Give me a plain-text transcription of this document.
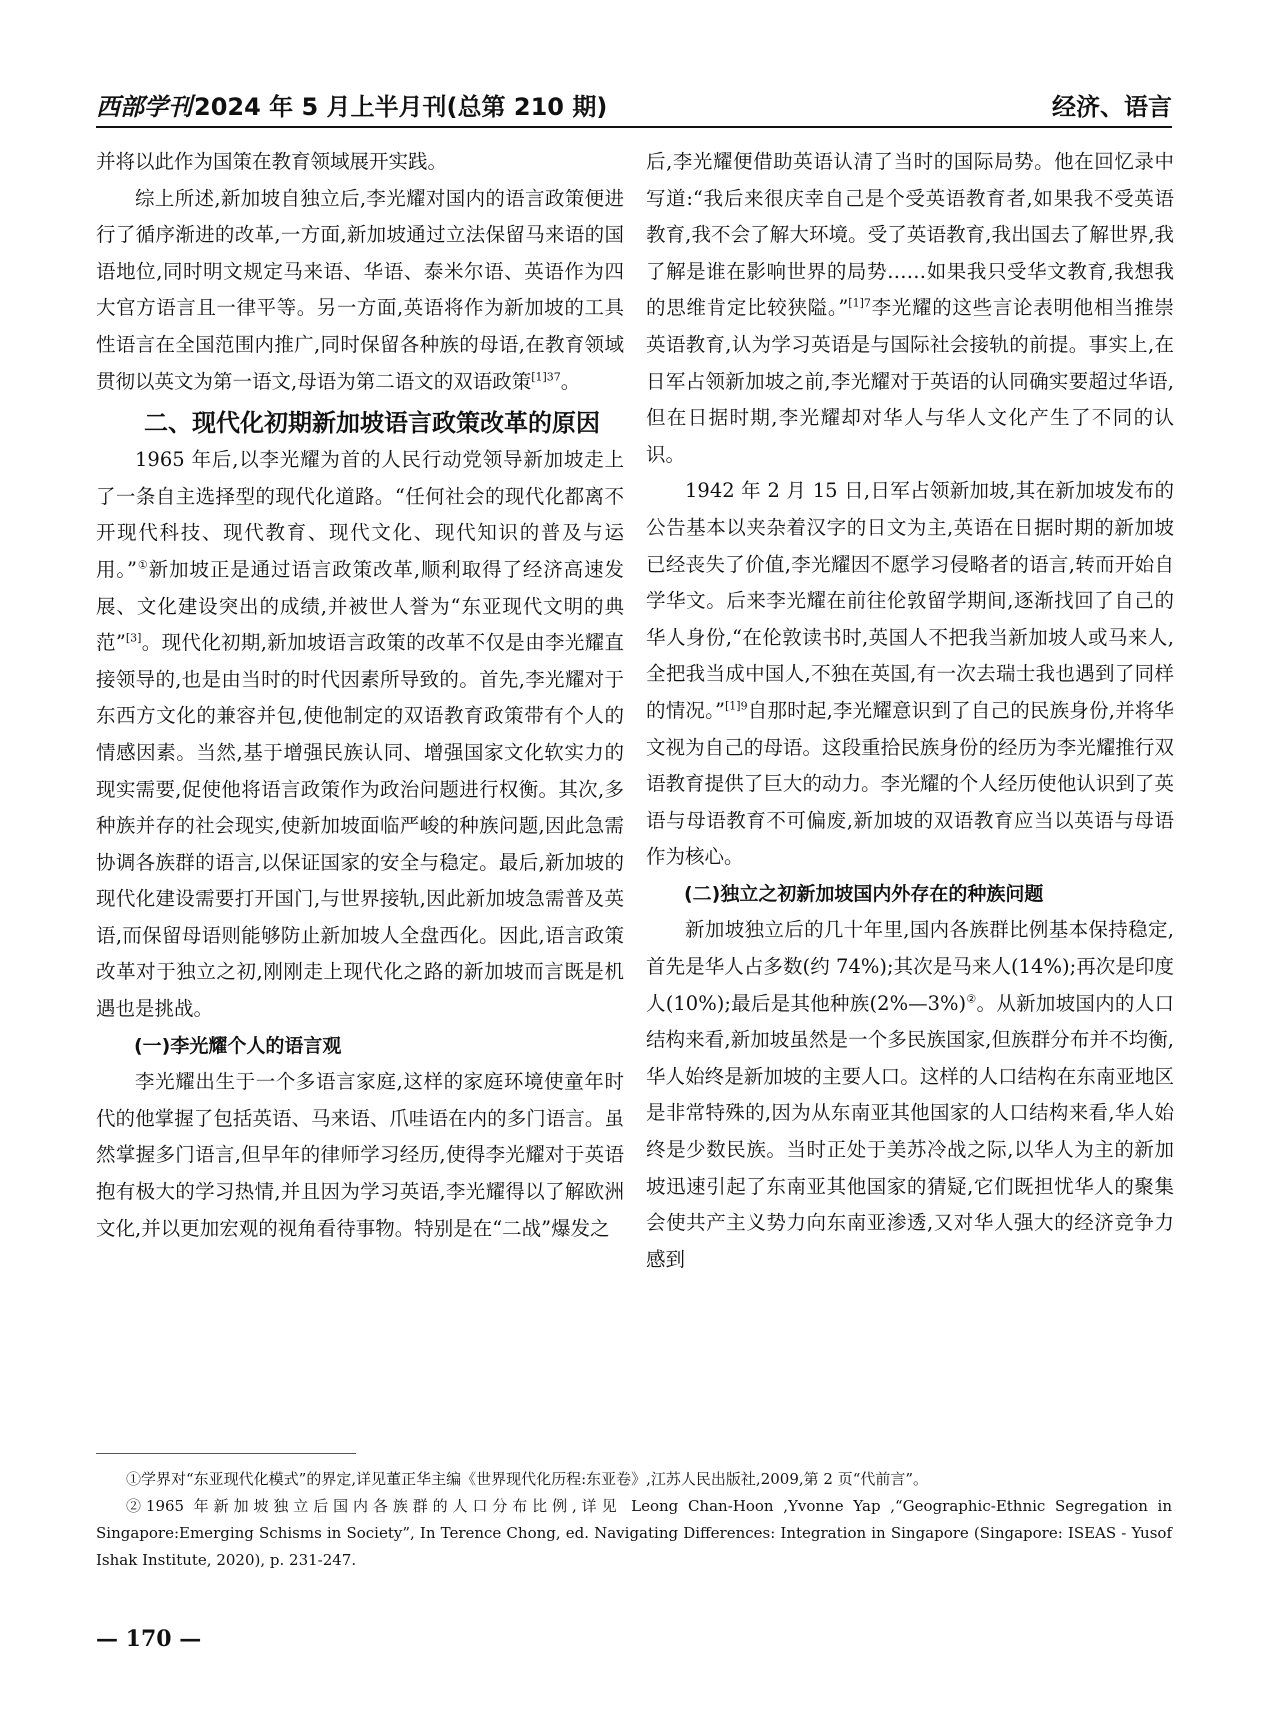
西部学刊2024 年 5 月上半月刊(总第 210 期)	经济、语言

并将以此作为国策在教育领域展开实践。

综上所述,新加坡自独立后,李光耀对国内的语言政策便进行了循序渐进的改革,一方面,新加坡通过立法保留马来语的国语地位,同时明文规定马来语、华语、泰米尔语、英语作为四大官方语言且一律平等。另一方面,英语将作为新加坡的工具性语言在全国范围内推广,同时保留各种族的母语,在教育领域贯彻以英文为第一语文,母语为第二语文的双语政策$^{[1]37}$。

二、现代化初期新加坡语言政策改革的原因

1965 年后,以李光耀为首的人民行动党领导新加坡走上了一条自主选择型的现代化道路。“任何社会的现代化都离不开现代科技、现代教育、现代文化、现代知识的普及与运用。”①新加坡正是通过语言政策改革,顺利取得了经济高速发展、文化建设突出的成绩,并被世人誉为“东亚现代文明的典范”[3]。现代化初期,新加坡语言政策的改革不仅是由李光耀直接领导的,也是由当时的时代因素所导致的。首先,李光耀对于东西方文化的兼容并包,使他制定的双语教育政策带有个人的情感因素。当然,基于增强民族认同、增强国家文化软实力的现实需要,促使他将语言政策作为政治问题进行权衡。其次,多种族并存的社会现实,使新加坡面临严峻的种族问题,因此急需协调各族群的语言,以保证国家的安全与稳定。最后,新加坡的现代化建设需要打开国门,与世界接轨,因此新加坡急需普及英语,而保留母语则能够防止新加坡人全盘西化。因此,语言政策改革对于独立之初,刚刚走上现代化之路的新加坡而言既是机遇也是挑战。

(一)李光耀个人的语言观

李光耀出生于一个多语言家庭,这样的家庭环境使童年时代的他掌握了包括英语、马来语、爪哇语在内的多门语言。虽然掌握多门语言,但早年的律师学习经历,使得李光耀对于英语抱有极大的学习热情,并且因为学习英语,李光耀得以了解欧洲文化,并以更加宏观的视角看待事物。特别是在“二战”爆发之

后,李光耀便借助英语认清了当时的国际局势。他在回忆录中写道:“我后来很庆幸自己是个受英语教育者,如果我不受英语教育,我不会了解大环境。受了英语教育,我出国去了解世界,我了解是谁在影响世界的局势……如果我只受华文教育,我想我的思维肯定比较狭隘。”$^{[1]7}$李光耀的这些言论表明他相当推崇英语教育,认为学习英语是与国际社会接轨的前提。事实上,在日军占领新加坡之前,李光耀对于英语的认同确实要超过华语,但在日据时期,李光耀却对华人与华人文化产生了不同的认识。

1942 年 2 月 15 日,日军占领新加坡,其在新加坡发布的公告基本以夹杂着汉字的日文为主,英语在日据时期的新加坡已经丧失了价值,李光耀因不愿学习侵略者的语言,转而开始自学华文。后来李光耀在前往伦敦留学期间,逐渐找回了自己的华人身份,“在伦敦读书时,英国人不把我当新加坡人或马来人,全把我当成中国人,不独在英国,有一次去瑞士我也遇到了同样的情况。”$^{[1]9}$自那时起,李光耀意识到了自己的民族身份,并将华文视为自己的母语。这段重拾民族身份的经历为李光耀推行双语教育提供了巨大的动力。李光耀的个人经历使他认识到了英语与母语教育不可偏废,新加坡的双语教育应当以英语与母语作为核心。

(二)独立之初新加坡国内外存在的种族问题

新加坡独立后的几十年里,国内各族群比例基本保持稳定,首先是华人占多数(约 74%);其次是马来人(14%);再次是印度人(10%);最后是其他种族(2%—3%)②。从新加坡国内的人口结构来看,新加坡虽然是一个多民族国家,但族群分布并不均衡,华人始终是新加坡的主要人口。这样的人口结构在东南亚地区是非常特殊的,因为从东南亚其他国家的人口结构来看,华人始终是少数民族。当时正处于美苏冷战之际,以华人为主的新加坡迅速引起了东南亚其他国家的猜疑,它们既担忧华人的聚集会使共产主义势力向东南亚渗透,又对华人强大的经济竞争力感到

①学界对“东亚现代化模式”的界定,详见董正华主编《世界现代化历程:东亚卷》,江苏人民出版社,2009,第 2 页“代前言”。

②1965 年新加坡独立后国内各族群的人口分布比例,详见 Leong Chan-Hoon ,Yvonne Yap ,“Geographic-Ethnic Segregation in Singapore:Emerging Schisms in Society”, In Terence Chong, ed. Navigating Differences: Integration in Singapore (Singapore: ISEAS - Yusof Ishak Institute, 2020), p. 231-247.

— 170 —
